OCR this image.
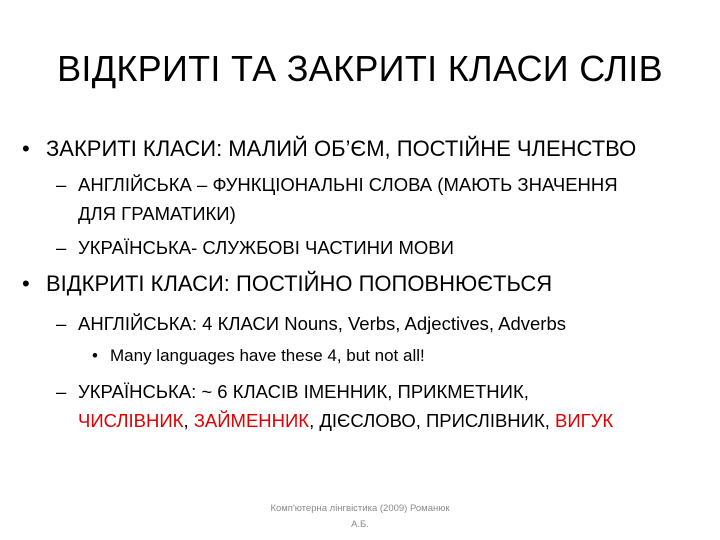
ВІДКРИТІ ТА ЗАКРИТІ КЛАСИ СЛІВ
• ЗАКРИТІ КЛАСИ: МАЛИЙ ОБ’ЄМ, ПОСТІЙНЕ ЧЛЕНСТВО
– АНГЛІЙСЬКА – ФУНКЦІОНАЛЬНІ СЛОВА (МАЮТЬ ЗНАЧЕННЯ
ДЛЯ ГРАМАТИКИ)
– УКРАЇНСЬКА- СЛУЖБОВІ ЧАСТИНИ МОВИ
• ВІДКРИТІ КЛАСИ: ПОСТІЙНО ПОПОВНЮЄТЬСЯ
– АНГЛІЙСЬКА: 4 КЛАСИ Nouns, Verbs, Adjectives, Adverbs
• Many languages have these 4, but not all!
– УКРАЇНСЬКА: ~ 6 КЛАСІВ ІМЕННИК, ПРИКМЕТНИК,
ЧИСЛІВНИК, ЗАЙМЕННИК, ДІЄСЛОВО, ПРИСЛІВНИК, ВИГУК
Комп'ютерна лінгвістика (2009) Романюк
А.Б.
